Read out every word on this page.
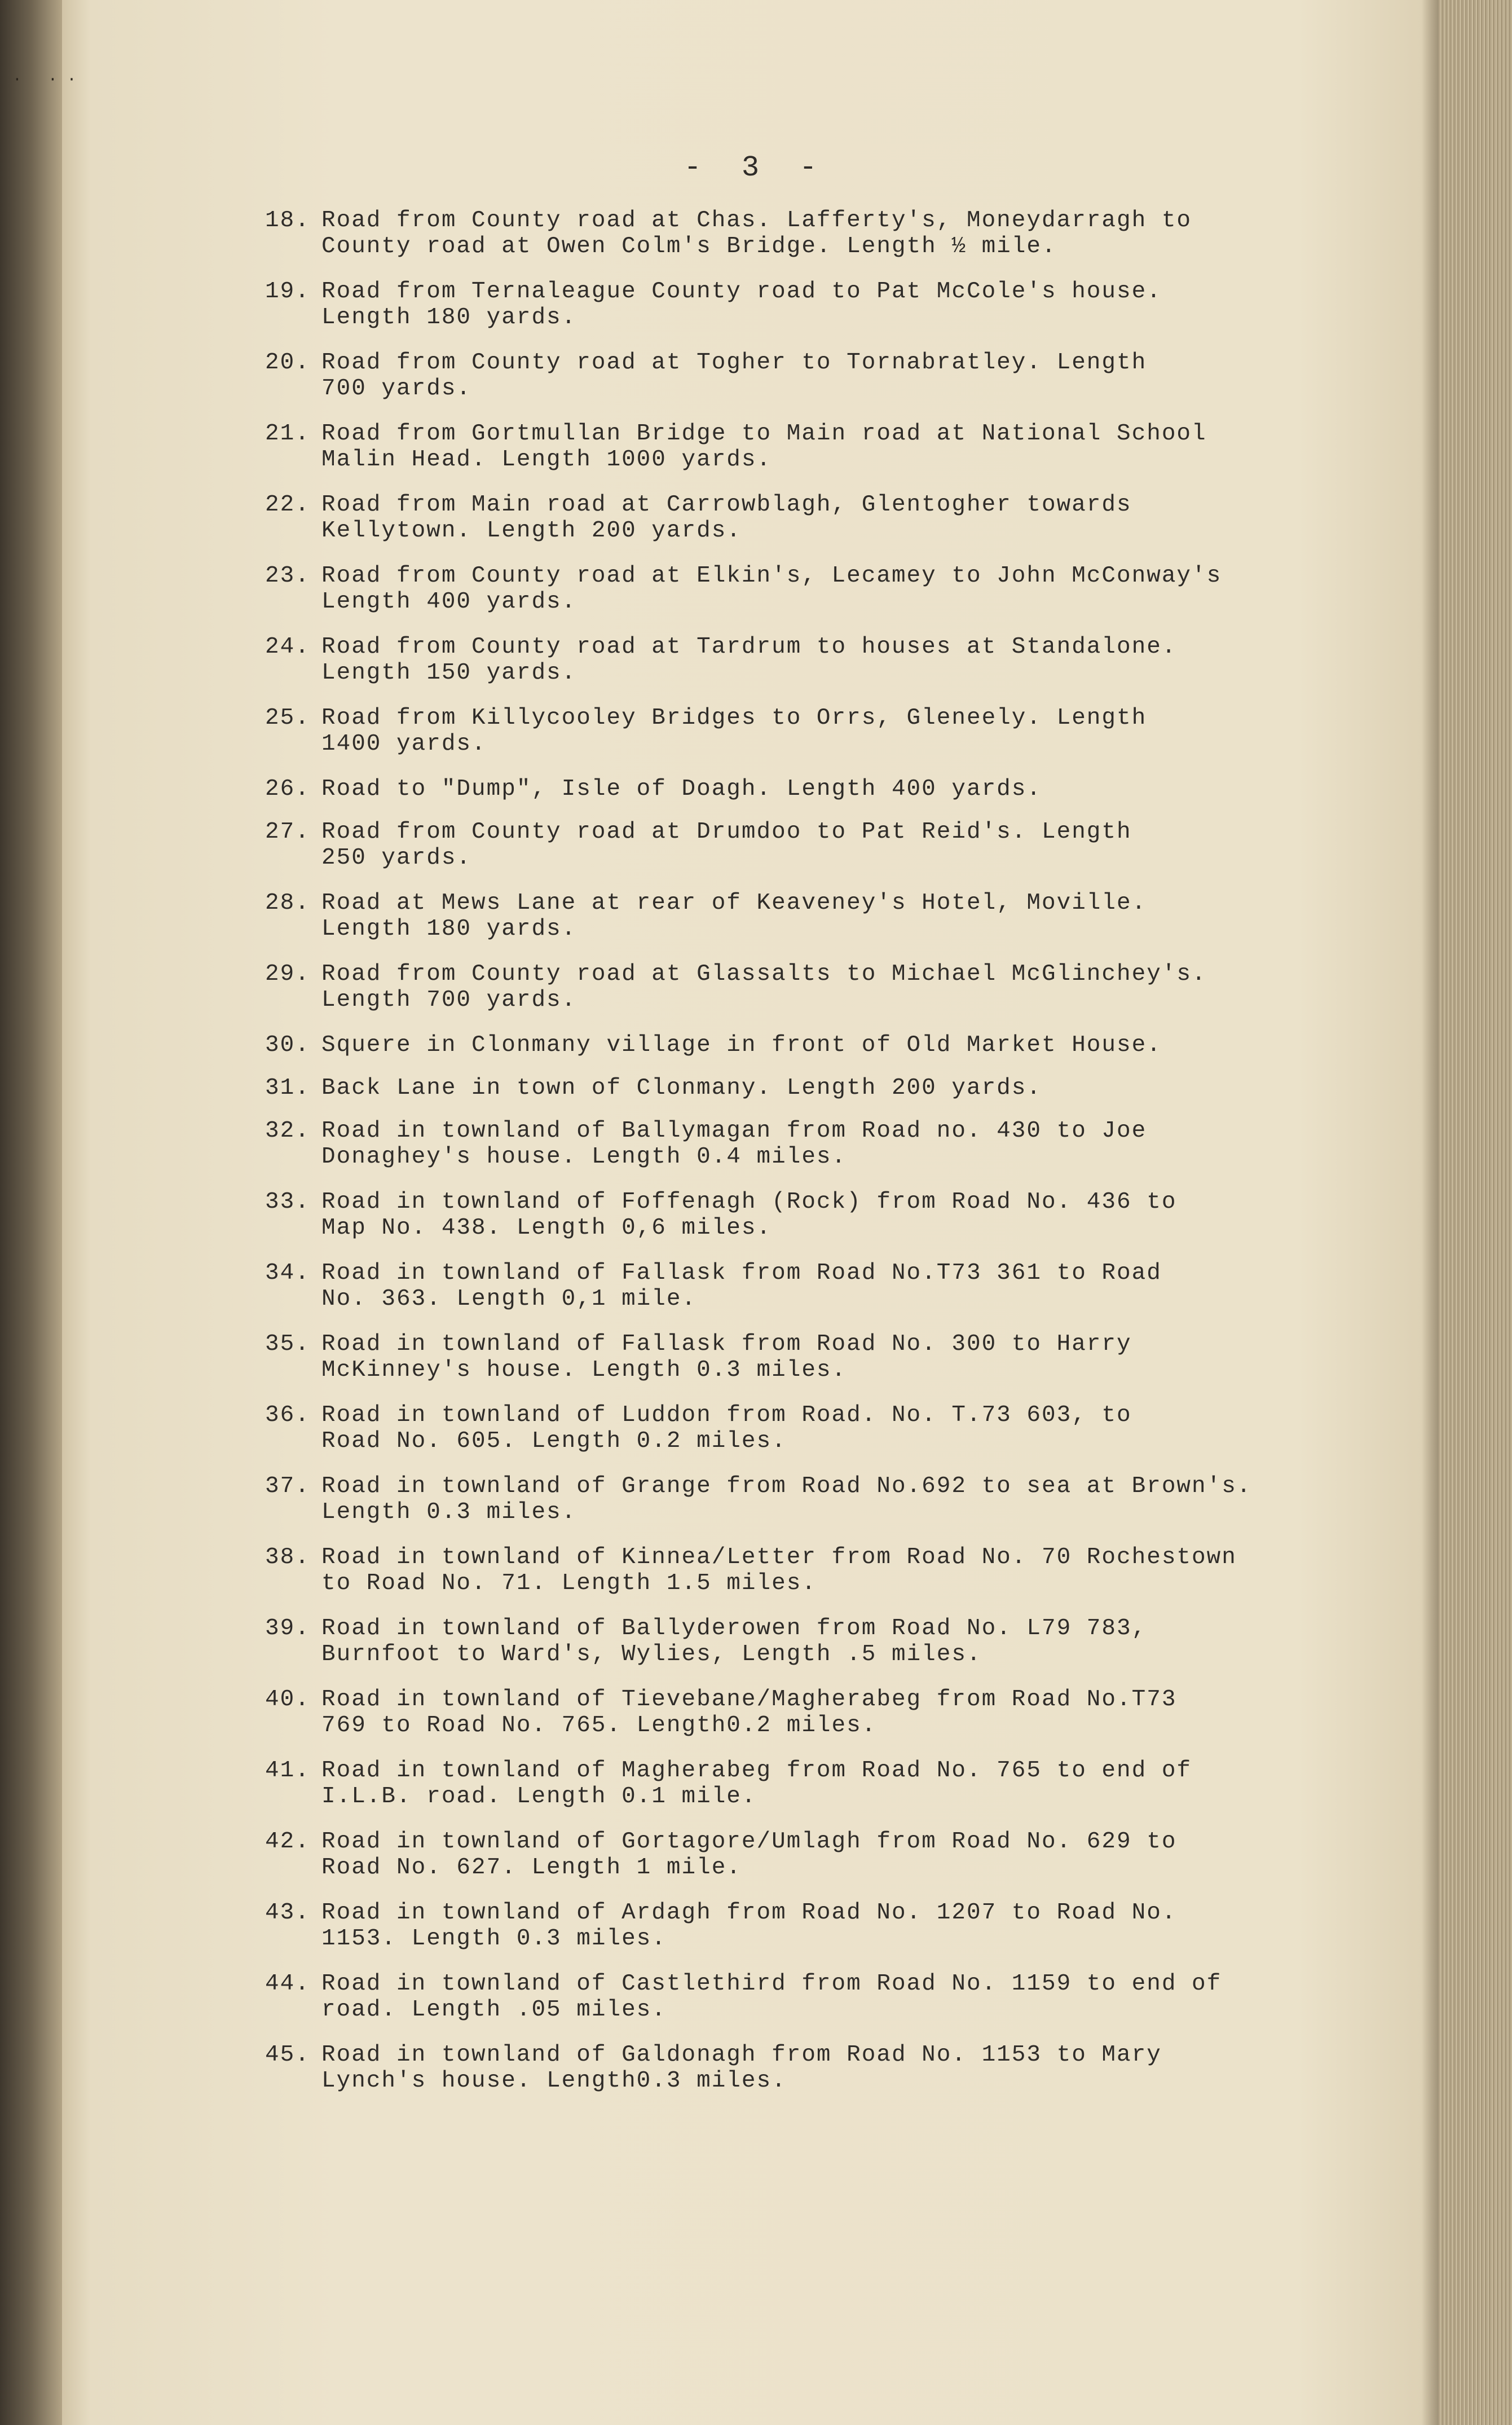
· · ·
- 3 -
18. Road from County road at Chas. Lafferty's, Moneydarragh to
County road at Owen Colm's Bridge. Length ½ mile.
19. Road from Ternaleague County road to Pat McCole's house.
Length 180 yards.
20. Road from County road at Togher to Tornabratley. Length
700 yards.
21. Road from Gortmullan Bridge to Main road at National School
Malin Head. Length 1000 yards.
22. Road from Main road at Carrowblagh, Glentogher towards
Kellytown. Length 200 yards.
23. Road from County road at Elkin's, Lecamey to John McConway's
Length 400 yards.
24. Road from County road at Tardrum to houses at Standalone.
Length 150 yards.
25. Road from Killycooley Bridges to Orrs, Gleneely. Length
1400 yards.
26. Road to "Dump", Isle of Doagh. Length 400 yards.
27. Road from County road at Drumdoo to Pat Reid's. Length
250 yards.
28. Road at Mews Lane at rear of Keaveney's Hotel, Moville.
Length 180 yards.
29. Road from County road at Glassalts to Michael McGlinchey's.
Length 700 yards.
30. Squere in Clonmany village in front of Old Market House.
31. Back Lane in town of Clonmany. Length 200 yards.
32. Road in townland of Ballymagan from Road no. 430 to Joe
Donaghey's house. Length 0.4 miles.
33. Road in townland of Foffenagh (Rock) from Road No. 436 to
Map No. 438. Length 0,6 miles.
34. Road in townland of Fallask from Road No.T73 361 to Road
No. 363. Length 0,1 mile.
35. Road in townland of Fallask from Road No. 300 to Harry
McKinney's house. Length 0.3 miles.
36. Road in townland of Luddon from Road. No. T.73 603, to
Road No. 605. Length 0.2 miles.
37. Road in townland of Grange from Road No.692 to sea at Brown's.
Length 0.3 miles.
38. Road in townland of Kinnea/Letter from Road No. 70 Rochestown
to Road No. 71. Length 1.5 miles.
39. Road in townland of Ballyderowen from Road No. L79 783,
Burnfoot to Ward's, Wylies, Length .5 miles.
40. Road in townland of Tievebane/Magherabeg from Road No.T73
769 to Road No. 765. Length0.2 miles.
41. Road in townland of Magherabeg from Road No. 765 to end of
I.L.B. road. Length 0.1 mile.
42. Road in townland of Gortagore/Umlagh from Road No. 629 to
Road No. 627. Length 1 mile.
43. Road in townland of Ardagh from Road No. 1207 to Road No.
1153. Length 0.3 miles.
44. Road in townland of Castlethird from Road No. 1159 to end of
road. Length .05 miles.
45. Road in townland of Galdonagh from Road No. 1153 to Mary
Lynch's house. Length0.3 miles.
